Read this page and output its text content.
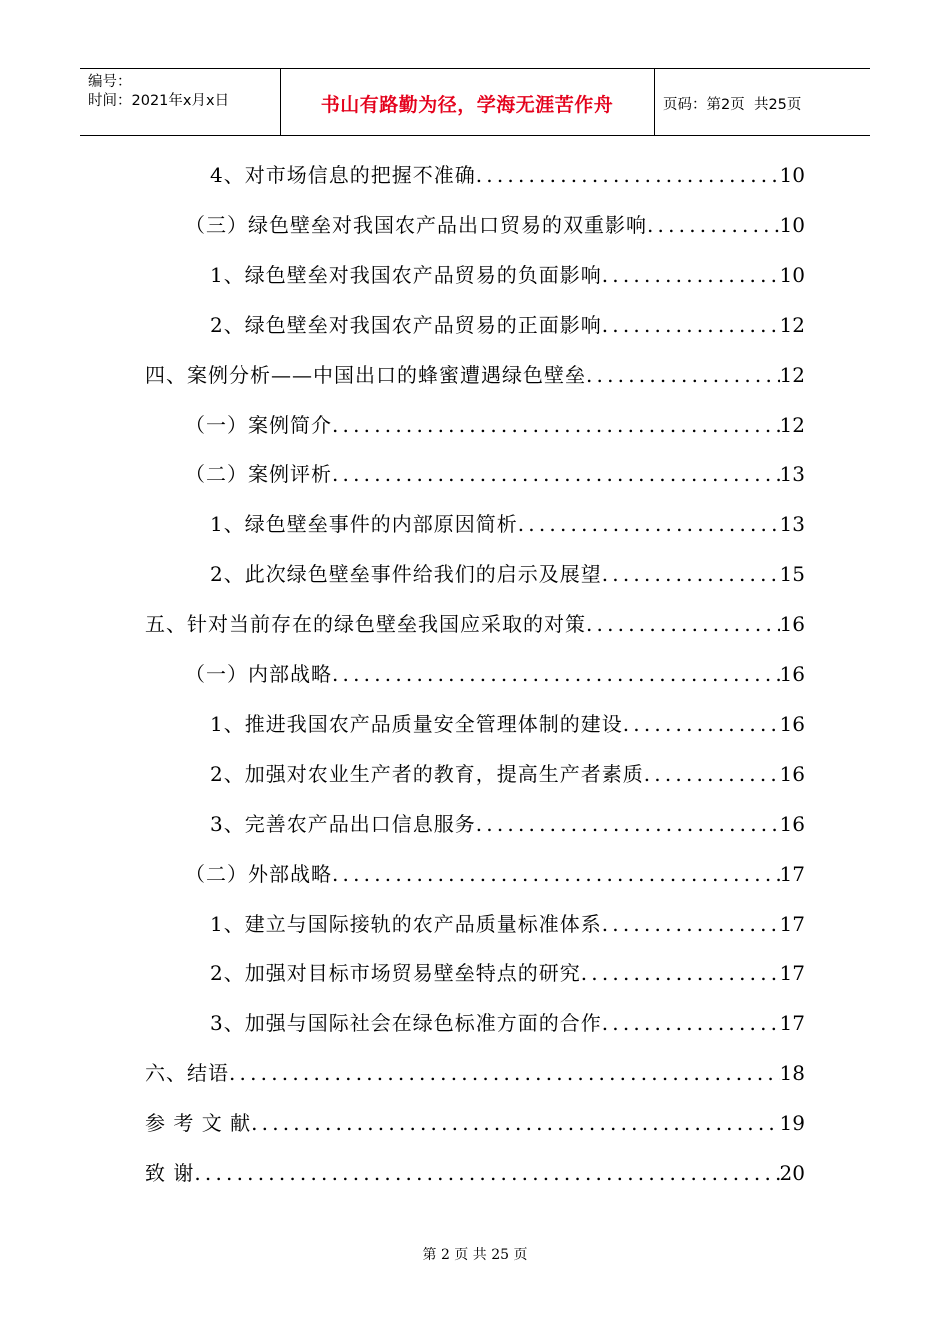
编号：
时间：2021年x月x日	书山有路勤为径，学海无涯苦作舟	页码：第2页  共25页
4、对市场信息的把握不准确 .....	10
（三）绿色壁垒对我国农产品出口贸易的双重影响 .....	10
1、绿色壁垒对我国农产品贸易的负面影响 .....	10
2、绿色壁垒对我国农产品贸易的正面影响 .....	12
四、案例分析——中国出口的蜂蜜遭遇绿色壁垒 .....	12
（一）案例简介 .....	12
（二）案例评析 .....	13
1、绿色壁垒事件的内部原因简析 .....	13
2、此次绿色壁垒事件给我们的启示及展望 .....	15
五、针对当前存在的绿色壁垒我国应采取的对策 .....	16
（一）内部战略 .....	16
1、推进我国农产品质量安全管理体制的建设 .....	16
2、加强对农业生产者的教育，提高生产者素质 .....	16
3、完善农产品出口信息服务 .....	16
（二）外部战略 .....	17
1、建立与国际接轨的农产品质量标准体系 .....	17
2、加强对目标市场贸易壁垒特点的研究 .....	17
3、加强与国际社会在绿色标准方面的合作 .....	17
六、结语 .....	18
参 考 文 献 .....	19
致 谢 .....	20
第 2 页 共 25 页
